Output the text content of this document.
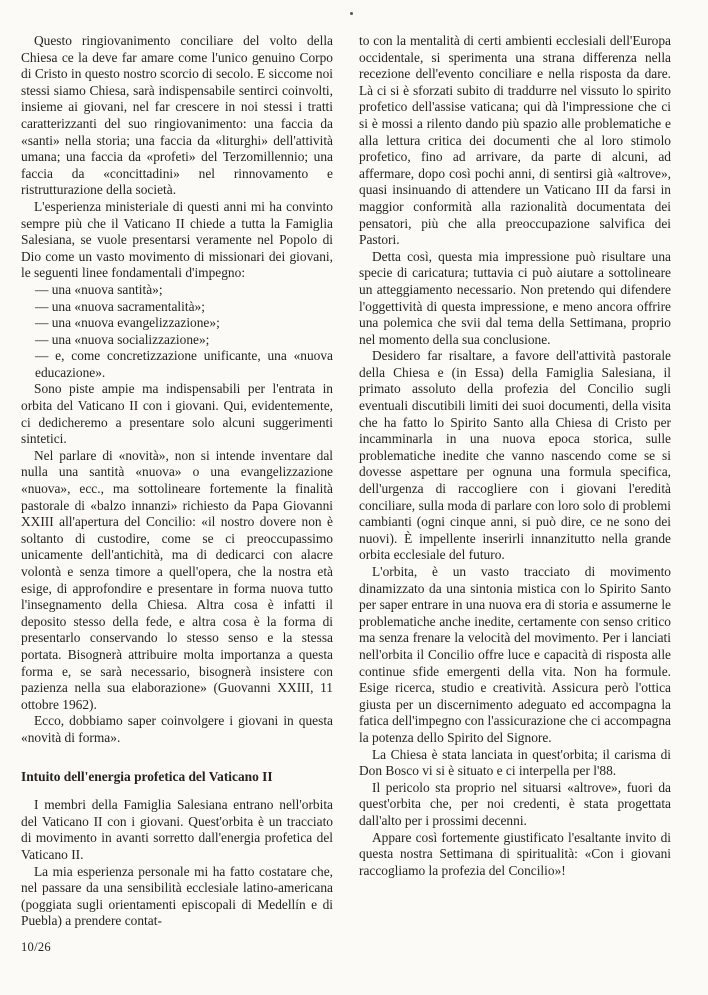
Questo ringiovanimento conciliare del volto della Chiesa ce la deve far amare come l'unico genuino Corpo di Cristo in questo nostro scorcio di secolo. E siccome noi stessi siamo Chiesa, sarà indispensabile sentirci coinvolti, insieme ai giovani, nel far crescere in noi stessi i tratti caratterizzanti del suo ringiovanimento: una faccia da «santi» nella storia; una faccia da «liturghi» dell'attività umana; una faccia da «profeti» del Terzomillennio; una faccia da «concittadini» nel rinnovamento e ristrutturazione della società.

L'esperienza ministeriale di questi anni mi ha convinto sempre più che il Vaticano II chiede a tutta la Famiglia Salesiana, se vuole presentarsi veramente nel Popolo di Dio come un vasto movimento di missionari dei giovani, le seguenti linee fondamentali d'impegno:

— una «nuova santità»;

— una «nuova sacramentalità»;

— una «nuova evangelizzazione»;

— una «nuova socializzazione»;

— e, come concretizzazione unificante, una «nuova educazione».

Sono piste ampie ma indispensabili per l'entrata in orbita del Vaticano II con i giovani. Qui, evidentemente, ci dedicheremo a presentare solo alcuni suggerimenti sintetici.

Nel parlare di «novità», non si intende inventare dal nulla una santità «nuova» o una evangelizzazione «nuova», ecc., ma sottolineare fortemente la finalità pastorale di «balzo innanzi» richiesto da Papa Giovanni XXIII all'apertura del Concilio: «il nostro dovere non è soltanto di custodire, come se ci preoccupassimo unicamente dell'antichità, ma di dedicarci con alacre volontà e senza timore a quell'opera, che la nostra età esige, di approfondire e presentare in forma nuova tutto l'insegnamento della Chiesa. Altra cosa è infatti il deposito stesso della fede, e altra cosa è la forma di presentarlo conservando lo stesso senso e la stessa portata. Bisognerà attribuire molta importanza a questa forma e, se sarà necessario, bisognerà insistere con pazienza nella sua elaborazione» (Guovanni XXIII, 11 ottobre 1962).

Ecco, dobbiamo saper coinvolgere i giovani in questa «novità di forma».

Intuito dell'energia profetica del Vaticano II

I membri della Famiglia Salesiana entrano nell'orbita del Vaticano II con i giovani. Quest'orbita è un tracciato di movimento in avanti sorretto dall'energia profetica del Vaticano II.

La mia esperienza personale mi ha fatto costatare che, nel passare da una sensibilità ecclesiale latino-americana (poggiata sugli orientamenti episcopali di Medellín e di Puebla) a prendere contat-

to con la mentalità di certi ambienti ecclesiali dell'Europa occidentale, si sperimenta una strana differenza nella recezione dell'evento conciliare e nella risposta da dare. Là ci si è sforzati subito di traddurre nel vissuto lo spirito profetico dell'assise vaticana; qui dà l'impressione che ci si è mossi a rilento dando più spazio alle problematiche e alla lettura critica dei documenti che al loro stimolo profetico, fino ad arrivare, da parte di alcuni, ad affermare, dopo così pochi anni, di sentirsi già «altrove», quasi insinuando di attendere un Vaticano III da farsi in maggior conformità alla razionalità documentata dei pensatori, più che alla preoccupazione salvifica dei Pastori.

Detta così, questa mia impressione può risultare una specie di caricatura; tuttavia ci può aiutare a sottolineare un atteggiamento necessario. Non pretendo qui difendere l'oggettività di questa impressione, e meno ancora offrire una polemica che svii dal tema della Settimana, proprio nel momento della sua conclusione.

Desidero far risaltare, a favore dell'attività pastorale della Chiesa e (in Essa) della Famiglia Salesiana, il primato assoluto della profezia del Concilio sugli eventuali discutibili limiti dei suoi documenti, della visita che ha fatto lo Spirito Santo alla Chiesa di Cristo per incamminarla in una nuova epoca storica, sulle problematiche inedite che vanno nascendo come se si dovesse aspettare per ognuna una formula specifica, dell'urgenza di raccogliere con i giovani l'eredità conciliare, sulla moda di parlare con loro solo di problemi cambianti (ogni cinque anni, si può dire, ce ne sono dei nuovi). È impellente inserirli innanzitutto nella grande orbita ecclesiale del futuro.

L'orbita, è un vasto tracciato di movimento dinamizzato da una sintonia mistica con lo Spirito Santo per saper entrare in una nuova era di storia e assumerne le problematiche anche inedite, certamente con senso critico ma senza frenare la velocità del movimento. Per i lanciati nell'orbita il Concilio offre luce e capacità di risposta alle continue sfide emergenti della vita. Non ha formule. Esige ricerca, studio e creatività. Assicura però l'ottica giusta per un discernimento adeguato ed accompagna la fatica dell'impegno con l'assicurazione che ci accompagna la potenza dello Spirito del Signore.

La Chiesa è stata lanciata in quest'orbita; il carisma di Don Bosco vi si è situato e ci interpella per l'88.

Il pericolo sta proprio nel situarsi «altrove», fuori da quest'orbita che, per noi credenti, è stata progettata dall'alto per i prossimi decenni.

Appare così fortemente giustificato l'esaltante invito di questa nostra Settimana di spiritualità: «Con i giovani raccogliamo la profezia del Concilio»!

10/26
